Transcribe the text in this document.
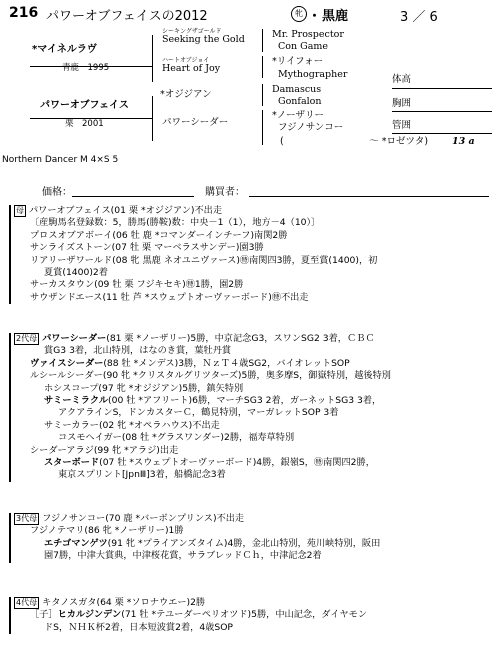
216 パワーオブフェイスの2012	牝 ・ 黒鹿	3 ／ 6
*マイネルラヴ
青鹿　1995
パワーオブフェイス
栗　2001
シーキングザゴールド
Seeking the Gold
ハートオブジョイ
Heart of Joy
*オジジアン
パワーシーダー
Mr. Prospector
Con Game
*リイフォー
Mythographer
Damascus
Gonfalon
*ノーザリー
フジノサンコー
(　　　　　　　　　～ *ロゼツタ)	13 a
体高
胸囲
管囲
Northern Dancer M 4×S 5
価格：	購買者：
母 パワーオブフェイス(01 栗 *オジジアン)不出走
〔産駒馬名登録数：5，勝馬(勝鞍)数：中央－1（1），地方－4（10）〕
プロスオブアボーイ(06 牡 鹿 *コマンダーインチーフ)南関2勝
サンライズストーン(07 牡 栗 マーベラスサンデー)園3勝
リアリーザワールド(08 牝 黒鹿 ネオユニヴァース)㊕南関四3勝，夏至賞(1400)，初
夏賞(1400)2着
サーカスタウン(09 牡 栗 フジキセキ)㊕1勝，園2勝
サウザンドエース(11 牡 芦 *スウェプトオーヴァーボード)㊕不出走
2代母 パワーシーダー(81 栗 *ノーザリー)5勝，中京記念G3，スワンSG2 3着，ＣＢＣ
賞G3 3着，北山特別，はなのき賞，葉牡丹賞
ヴァイスシーダー(88 牡 *メンデス)3勝，ＮｚＴ４歳SG2，バイオレットSOP
ルシールシーダー(90 牝 *クリスタルグリツターズ)5勝，奥多摩S，御嶽特別，越後特別
ホシスコープ(97 牝 *オジジアン)5勝，鎮矢特別
サミーミラクル(00 牡 *アフリート)6勝，マーチSG3 2着，ガーネットSG3 3着，
アクアラインS，ドンカスターＣ，鶴見特別，マーガレットSOP 3着
サミーカラー(02 牝 *オペラハウス)不出走
コスモヘイガー(08 牡 *グラスワンダー)2勝，福寿草特別
シーダーアラジ(99 牝 *アラジ)出走
スターボード(07 牡 *スウェプトオーヴァーボード)4勝，銀嶺S，㊕南関四2勝，
東京スプリント[JpnⅢ]3着，船橋記念3着
3代母 フジノサンコー(70 鹿 *バーボンプリンス)不出走
フジノテマリ(86 牝 *ノーザリー)1勝
エチゴマンゲツ(91 牝 *プライアンズタイム)4勝，金北山特別，苑川峡特別，阪田
園7勝，中津大賞典，中津桜花賞，サラブレッドＣｈ，中津記念2着
4代母 キタノスガタ(64 栗 *ソロナウエー)2勝
［子］ヒカルジンデン(71 牡 *テユーダーペリオツド)5勝，中山記念，ダイヤモン
ドS，ＮＨＫ杯2着，日本短波賞2着，4歳SOP
